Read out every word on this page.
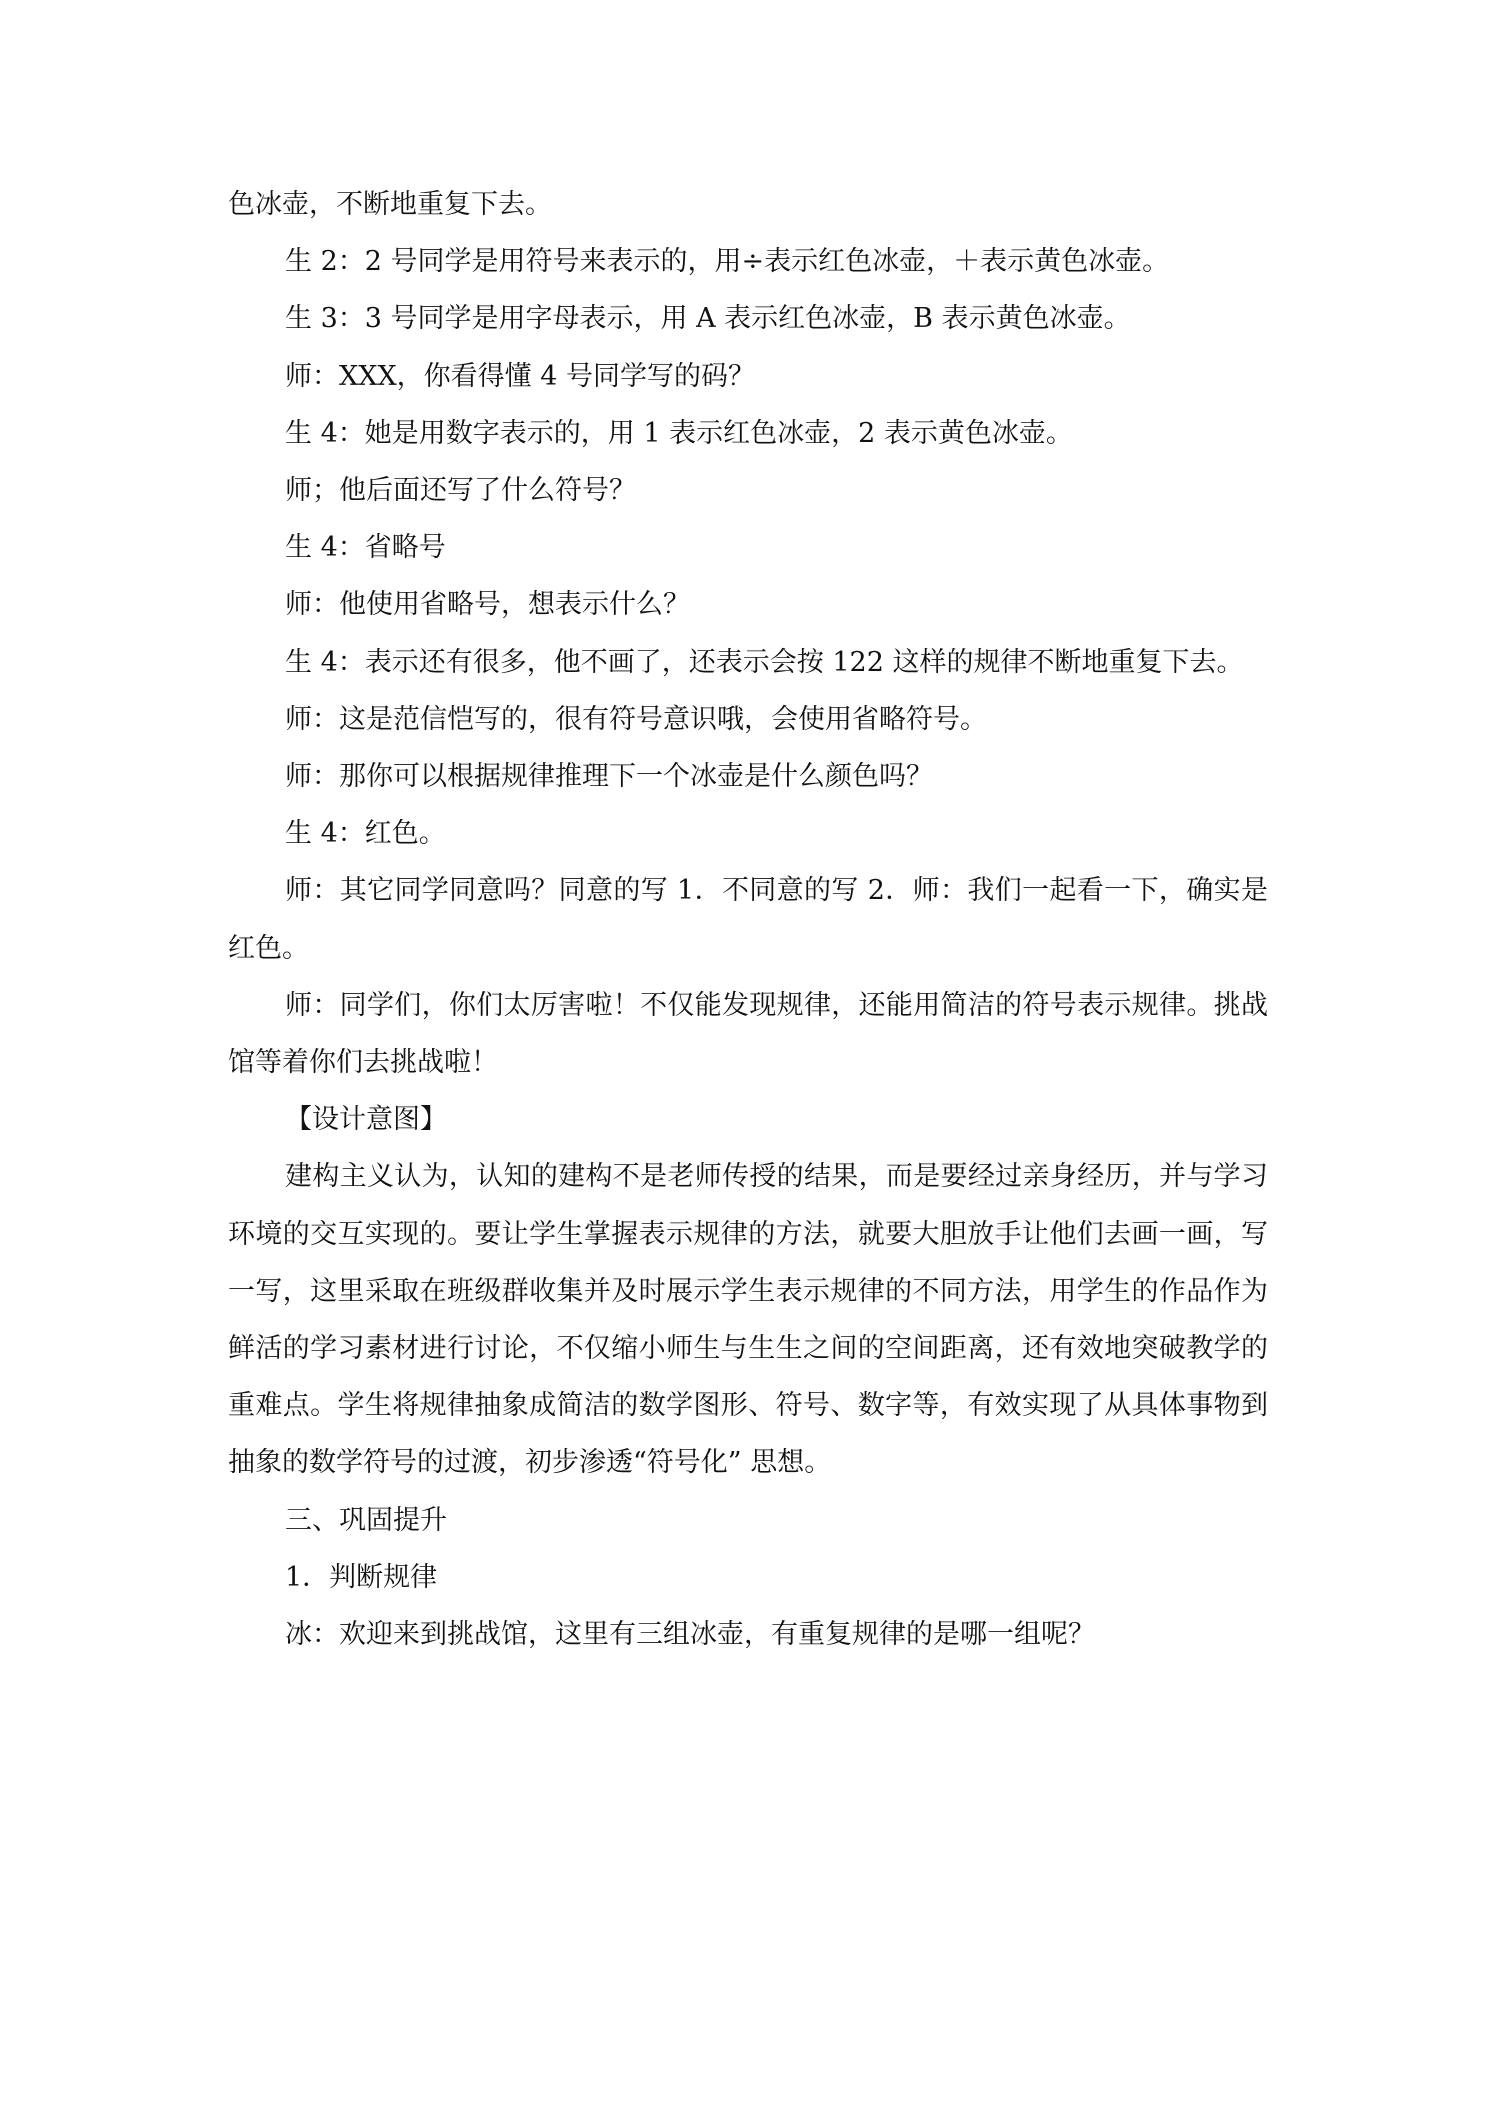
色冰壶，不断地重复下去。

生 2：2 号同学是用符号来表示的，用÷表示红色冰壶，＋表示黄色冰壶。

生 3：3 号同学是用字母表示，用 A 表示红色冰壶，B 表示黄色冰壶。

师：XXX，你看得懂 4 号同学写的码？

生 4：她是用数字表示的，用 1 表示红色冰壶，2 表示黄色冰壶。

师；他后面还写了什么符号？

生 4：省略号

师：他使用省略号，想表示什么？

生 4：表示还有很多，他不画了，还表示会按 122 这样的规律不断地重复下去。

师：这是范信恺写的，很有符号意识哦，会使用省略符号。

师：那你可以根据规律推理下一个冰壶是什么颜色吗？

生 4：红色。

师：其它同学同意吗？同意的写 1．不同意的写 2．师：我们一起看一下，确实是红色。

师：同学们，你们太厉害啦！不仅能发现规律，还能用简洁的符号表示规律。挑战馆等着你们去挑战啦！

【设计意图】

建构主义认为，认知的建构不是老师传授的结果，而是要经过亲身经历，并与学习环境的交互实现的。要让学生掌握表示规律的方法，就要大胆放手让他们去画一画，写一写，这里采取在班级群收集并及时展示学生表示规律的不同方法，用学生的作品作为鲜活的学习素材进行讨论，不仅缩小师生与生生之间的空间距离，还有效地突破教学的重难点。学生将规律抽象成简洁的数学图形、符号、数字等，有效实现了从具体事物到抽象的数学符号的过渡，初步渗透“符号化” 思想。

三、巩固提升

1．判断规律

冰：欢迎来到挑战馆，这里有三组冰壶，有重复规律的是哪一组呢？
